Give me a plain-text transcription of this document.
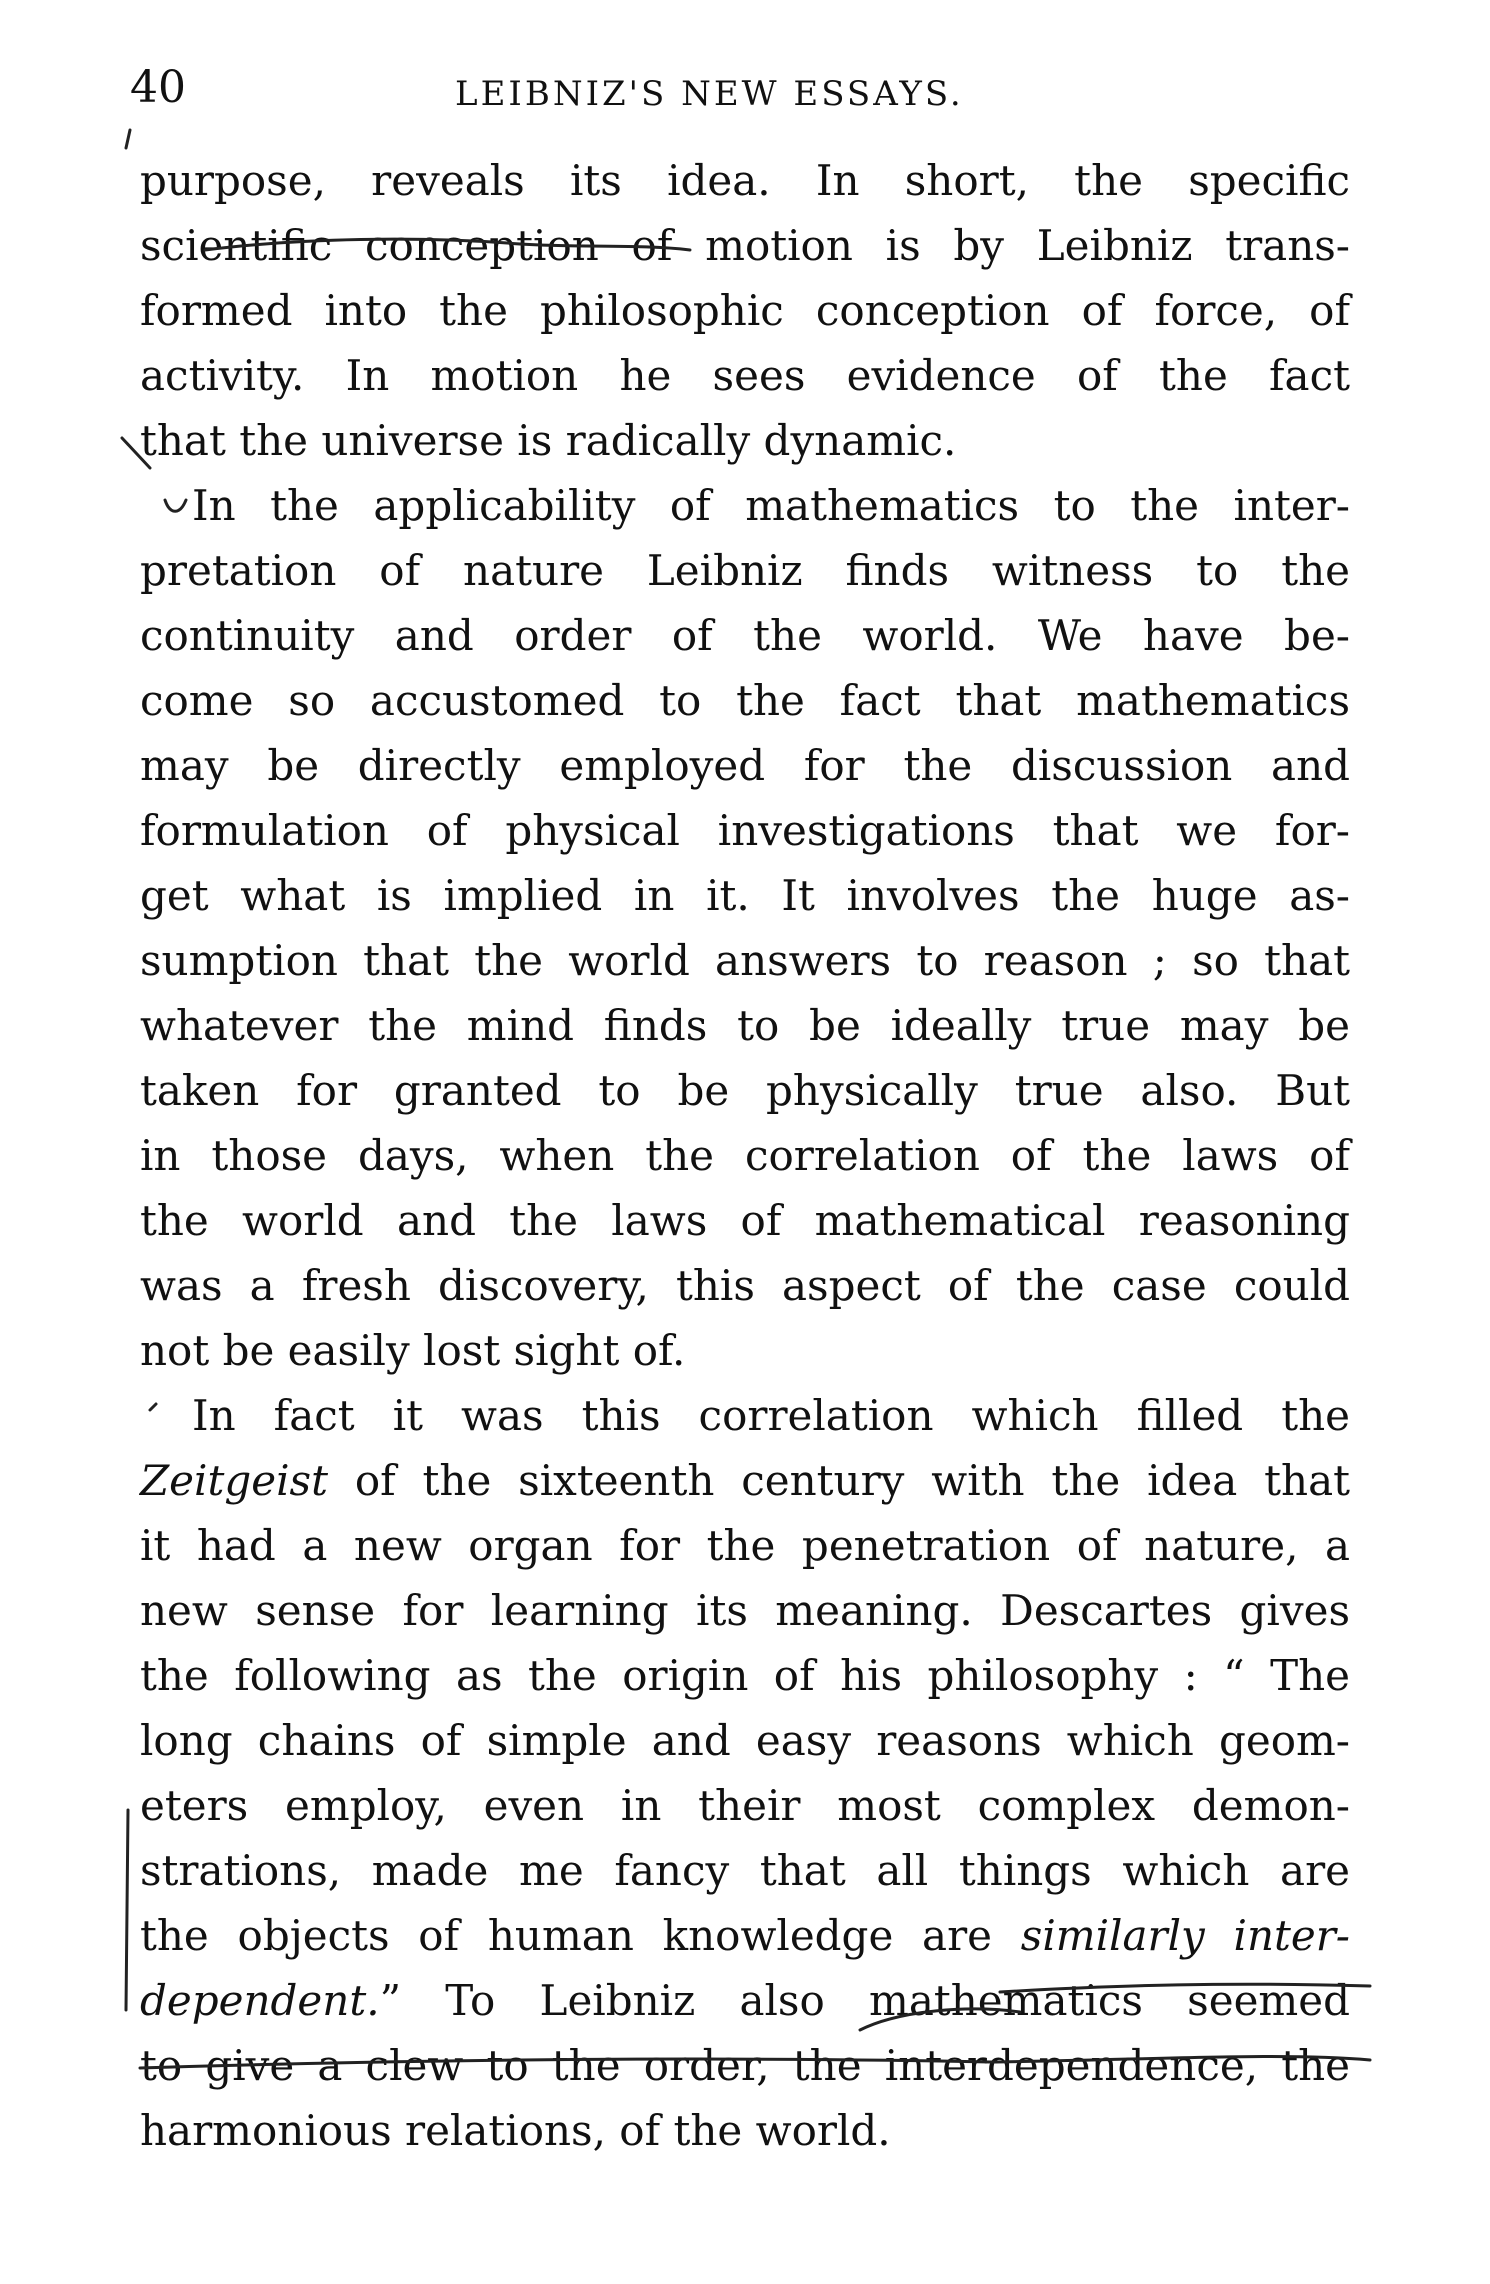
40	LEIBNIZ'S NEW ESSAYS.
purpose, reveals its idea. In short, the specific
scientific conception of motion is by Leibniz trans-
formed into the philosophic conception of force, of
activity. In motion he sees evidence of the fact
that the universe is radically dynamic.
In the applicability of mathematics to the inter-
pretation of nature Leibniz finds witness to the
continuity and order of the world. We have be-
come so accustomed to the fact that mathematics
may be directly employed for the discussion and
formulation of physical investigations that we for-
get what is implied in it. It involves the huge as-
sumption that the world answers to reason ; so that
whatever the mind finds to be ideally true may be
taken for granted to be physically true also. But
in those days, when the correlation of the laws of
the world and the laws of mathematical reasoning
was a fresh discovery, this aspect of the case could
not be easily lost sight of.
In fact it was this correlation which filled the
Zeitgeist of the sixteenth century with the idea that
it had a new organ for the penetration of nature, a
new sense for learning its meaning. Descartes gives
the following as the origin of his philosophy : “ The
long chains of simple and easy reasons which geom-
eters employ, even in their most complex demon-
strations, made me fancy that all things which are
the objects of human knowledge are similarly inter-
dependent.” To Leibniz also mathematics seemed
to give a clew to the order, the interdependence, the
harmonious relations, of the world.
